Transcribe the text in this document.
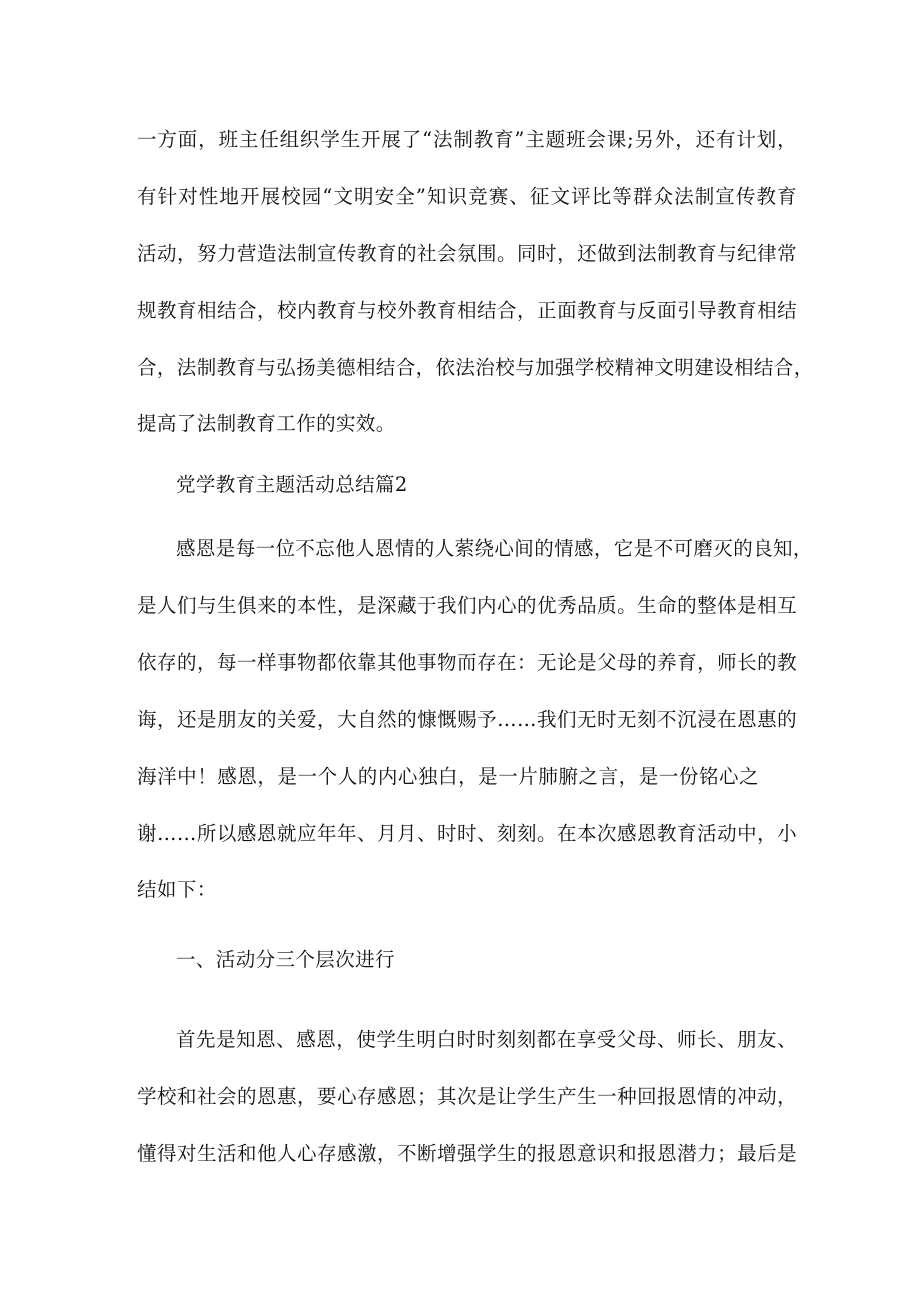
一方面，班主任组织学生开展了“法制教育”主题班会课;另外，还有计划，
有针对性地开展校园“文明安全”知识竞赛、征文评比等群众法制宣传教育
活动，努力营造法制宣传教育的社会氛围。同时，还做到法制教育与纪律常
规教育相结合，校内教育与校外教育相结合，正面教育与反面引导教育相结
合，法制教育与弘扬美德相结合，依法治校与加强学校精神文明建设相结合，
提高了法制教育工作的实效。
党学教育主题活动总结篇2
感恩是每一位不忘他人恩情的人萦绕心间的情感，它是不可磨灭的良知，
是人们与生俱来的本性，是深藏于我们内心的优秀品质。生命的整体是相互
依存的，每一样事物都依靠其他事物而存在：无论是父母的养育，师长的教
诲，还是朋友的关爱，大自然的慷慨赐予……我们无时无刻不沉浸在恩惠的
海洋中！感恩，是一个人的内心独白，是一片肺腑之言，是一份铭心之
谢……所以感恩就应年年、月月、时时、刻刻。在本次感恩教育活动中，小
结如下：
一、活动分三个层次进行
首先是知恩、感恩，使学生明白时时刻刻都在享受父母、师长、朋友、
学校和社会的恩惠，要心存感恩；其次是让学生产生一种回报恩情的冲动，
懂得对生活和他人心存感激，不断增强学生的报恩意识和报恩潜力；最后是
